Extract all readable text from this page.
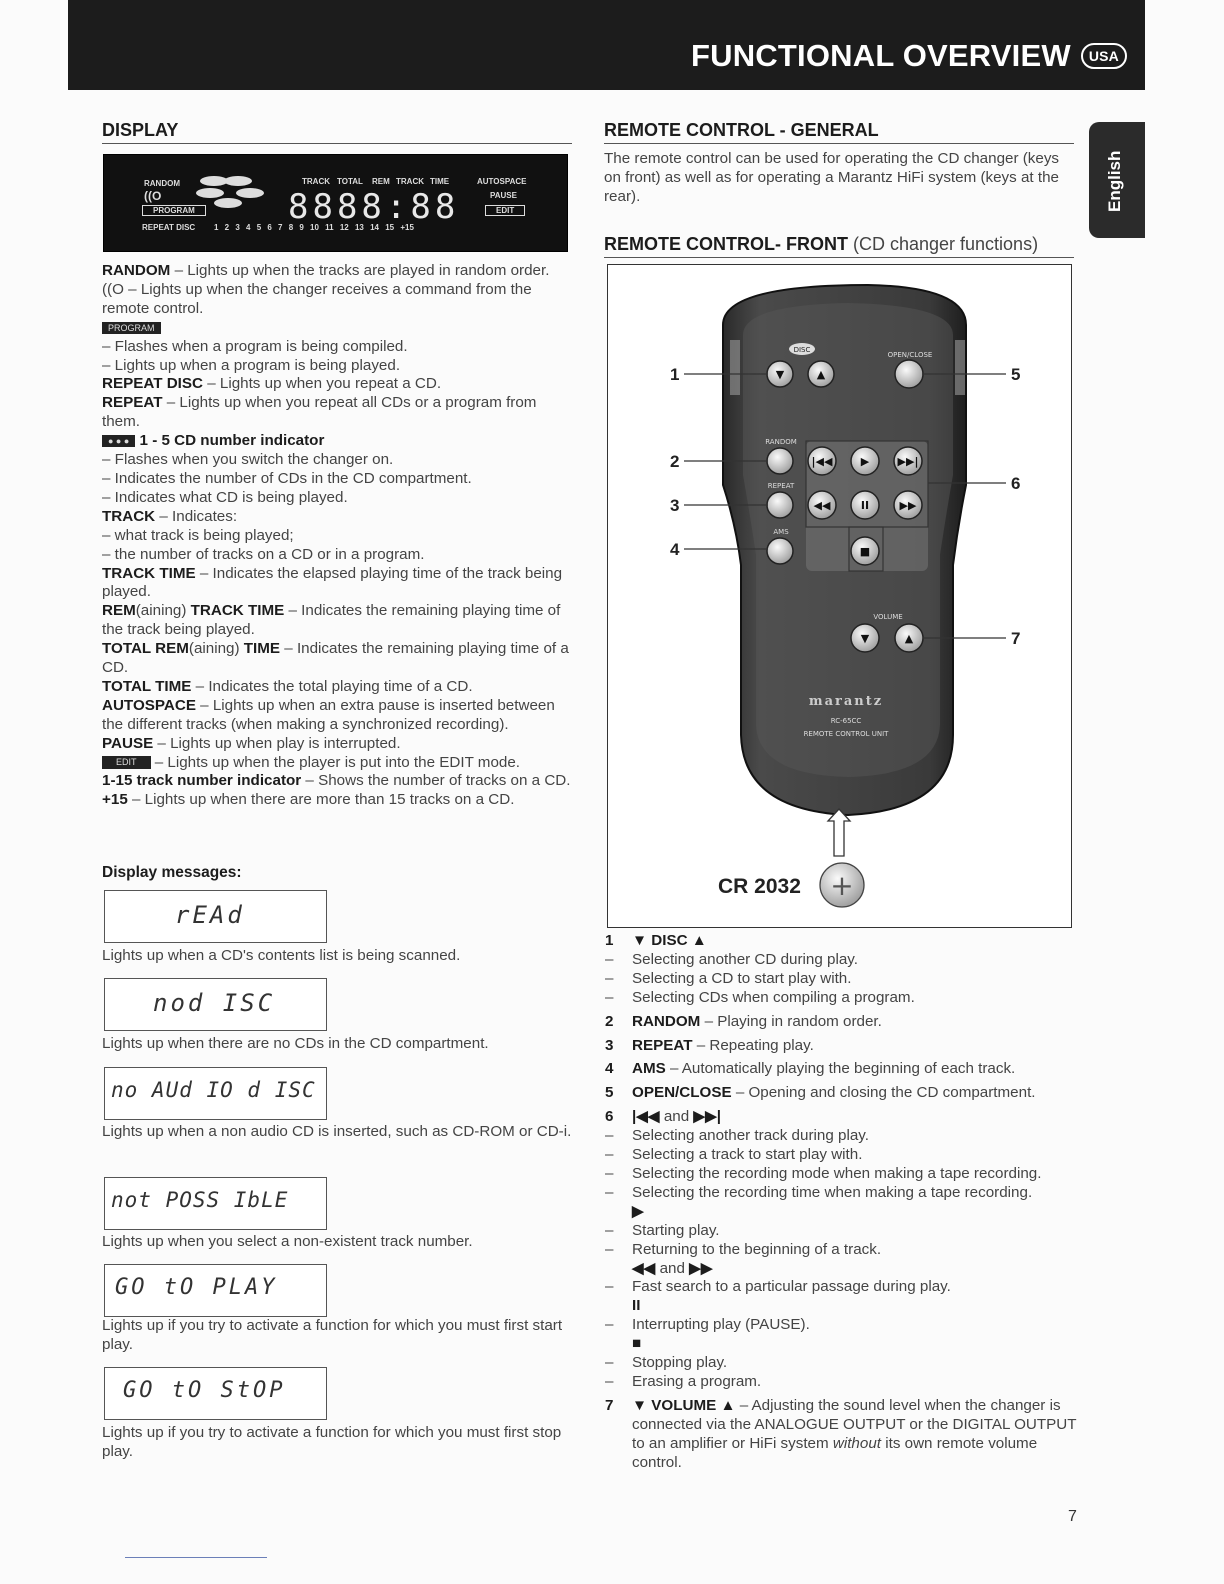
FUNCTIONAL OVERVIEW	USA
English
DISPLAY
RANDOM
((O
PROGRAM
REPEAT DISC
TRACK TOTAL REM TRACK TIME
8888:88
AUTOSPACE
PAUSE
EDIT
1 2 3 4 5 6 7 8 9 10 11 12 13 14 15 +15

RANDOM – Lights up when the tracks are played in random order.

((O – Lights up when the changer receives a command from the remote control.

PROGRAM

– Flashes when a program is being compiled.

– Lights up when a program is being played.

REPEAT DISC – Lights up when you repeat a CD.

REPEAT – Lights up when you repeat all CDs or a program from them.

● ● ● 1 - 5 CD number indicator

– Flashes when you switch the changer on.

– Indicates the number of CDs in the CD compartment.

– Indicates what CD is being played.

TRACK – Indicates:

– what track is being played;

– the number of tracks on a CD or in a program.

TRACK TIME – Indicates the elapsed playing time of the track being played.

REM(aining) TRACK TIME – Indicates the remaining playing time of the track being played.

TOTAL REM(aining) TIME – Indicates the remaining playing time of a CD.

TOTAL TIME – Indicates the total playing time of a CD.

AUTOSPACE – Lights up when an extra pause is inserted between the different tracks (when making a synchronized recording).

PAUSE – Lights up when play is interrupted.

EDIT – Lights up when the player is put into the EDIT mode.

1-15 track number indicator – Shows the number of tracks on a CD.

+15 – Lights up when there are more than 15 tracks on a CD.

Display messages:
rEAd
Lights up when a CD's contents list is being scanned.
nod ISC
Lights up when there are no CDs in the CD compartment.
no AUd IO d ISC
Lights up when a non audio CD is inserted, such as CD-ROM or CD-i.
not POSS IbLE
Lights up when you select a non-existent track number.
GO tO PLAY
Lights up if you try to activate a function for which you must first start play.
GO tO StOP
Lights up if you try to activate a function for which you must first stop play.
REMOTE CONTROL - GENERAL
The remote control can be used for operating the CD changer (keys on front) as well as for operating a Marantz HiFi system (keys at the rear).
REMOTE CONTROL- FRONT (CD changer functions)
▼	▲
|◀◀	▶	▶▶|
◀◀	II	▶▶
■
▼	▲
DISC
OPEN/CLOSE
RANDOM
REPEAT
AMS
VOLUME
RC-65CC
REMOTE CONTROL UNIT
marantz
1
2
3
4
5
6
7
CR 2032 +
1 ▼ DISC ▲
– Selecting another CD during play.
– Selecting a CD to start play with.
– Selecting CDs when compiling a program.
2 RANDOM – Playing in random order.
3 REPEAT – Repeating play.
4 AMS – Automatically playing the beginning of each track.
5 OPEN/CLOSE – Opening and closing the CD compartment.
6 |◀◀ and ▶▶|
– Selecting another track during play.
– Selecting a track to start play with.
– Selecting the recording mode when making a tape recording.
– Selecting the recording time when making a tape recording.
▶
– Starting play.
– Returning to the beginning of a track.
◀◀ and ▶▶
– Fast search to a particular passage during play.
II
– Interrupting play (PAUSE).
■
– Stopping play.
– Erasing a program.
7 ▼ VOLUME ▲ – Adjusting the sound level when the changer is connected via the ANALOGUE OUTPUT or the DIGITAL OUTPUT to an amplifier or HiFi system without its own remote volume control.
7
